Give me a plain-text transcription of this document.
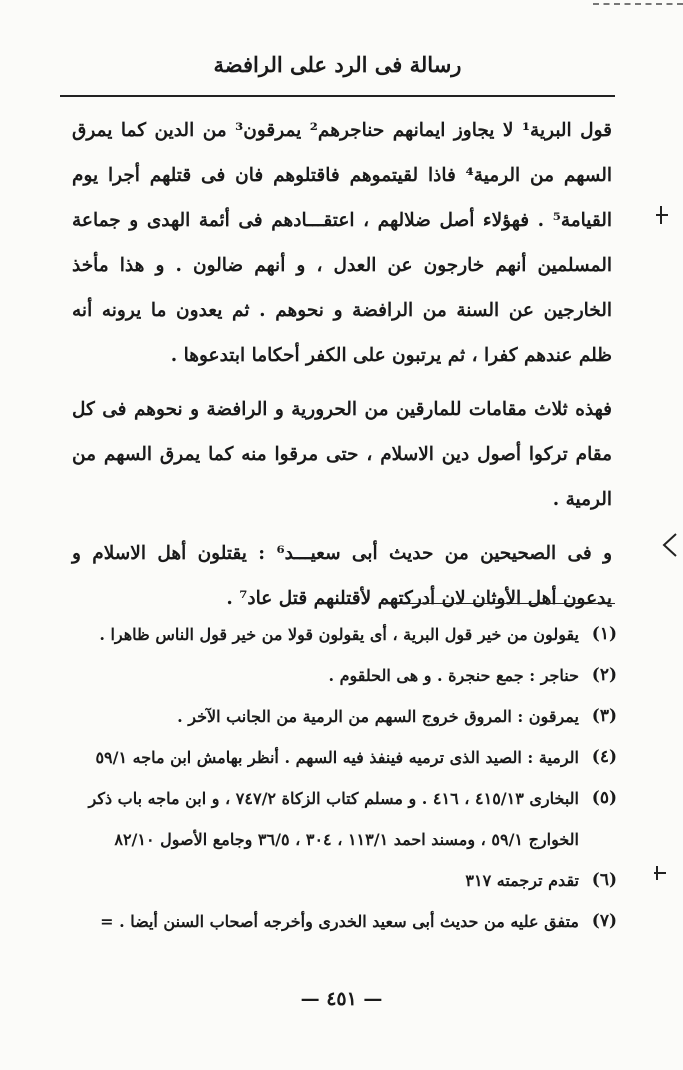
رسالة فى الرد على الرافضة

قول البرية¹ لا يجاوز ايمانهم حناجرهم² يمرقون³ من الدين كما يمرق السهم من الرمية⁴ فاذا لقيتموهم فاقتلوهم فان فى قتلهم أجرا يوم القيامة⁵ . فهؤلاء أصل ضلالهم ، اعتقـــادهم فى أئمة الهدى و جماعة المسلمين أنهم خارجون عن العدل ، و أنهم ضالون . و هذا مأخذ الخارجين عن السنة من الرافضة و نحوهم . ثم يعدون ما يرونه أنه ظلم عندهم كفرا ، ثم يرتبون على الكفر أحكاما ابتدعوها .

فهذه ثلاث مقامات للمارقين من الحرورية و الرافضة و نحوهم فى كل مقام تركوا أصول دين الاسلام ، حتى مرقوا منه كما يمرق السهم من الرمية .

و فى الصحيحين من حديث أبى سعيـــد⁶ : يقتلون أهل الاسلام و يدعون أهل الأوثان لان أدركتهم لأقتلنهم قتل عاد⁷ .

(١)
يقولون من خير قول البرية ، أى يقولون قولا من خير قول الناس ظاهرا .
(٢)
حناجر : جمع حنجرة . و هى الحلقوم .
(٣)
يمرقون : المروق خروج السهم من الرمية من الجانب الآخر .
(٤)
الرمية : الصيد الذى ترميه فينفذ فيه السهم . أنظر بهامش ابن ماجه ٥٩/١
(٥)
البخارى ٤١٥/١٣ ، ٤١٦ . و مسلم كتاب الزكاة ٧٤٧/٢ ، و ابن ماجه باب ذكر الخوارج ٥٩/١ ، ومسند احمد ١١٣/١ ، ٣٠٤ ، ٣٦/٥ وجامع الأصول ٨٢/١٠
(٦)
تقدم ترجمته ٣١٧
(٧)
متفق عليه من حديث أبى سعيد الخدرى وأخرجه أصحاب السنن أيضا . =
— ٤٥١ —
